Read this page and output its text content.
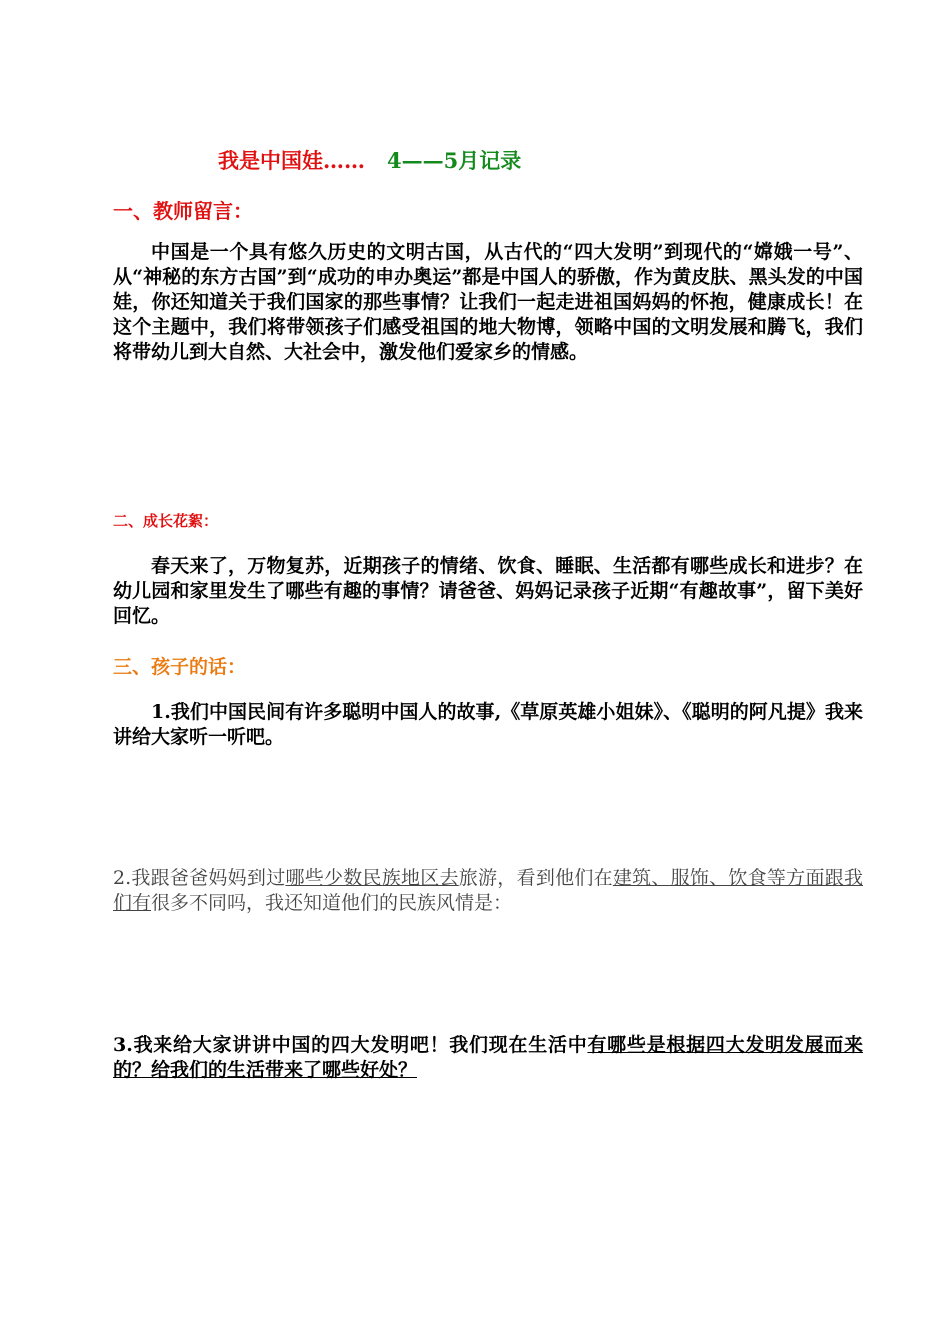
我是中国娃…… 4——5月记录
一、教师留言：
中国是一个具有悠久历史的文明古国，从古代的“四大发明”到现代的“嫦娥一号”、从“神秘的东方古国”到“成功的申办奥运”都是中国人的骄傲，作为黄皮肤、黑头发的中国娃，你还知道关于我们国家的那些事情？让我们一起走进祖国妈妈的怀抱，健康成长！在这个主题中，我们将带领孩子们感受祖国的地大物博，领略中国的文明发展和腾飞，我们将带幼儿到大自然、大社会中，激发他们爱家乡的情感。
二、成长花絮：
春天来了，万物复苏，近期孩子的情绪、饮食、睡眠、生活都有哪些成长和进步？在幼儿园和家里发生了哪些有趣的事情？请爸爸、妈妈记录孩子近期“有趣故事”，留下美好回忆。
三、孩子的话：
1.我们中国民间有许多聪明中国人的故事,《草原英雄小姐妹》、《聪明的阿凡提》我来讲给大家听一听吧。
2.我跟爸爸妈妈到过哪些少数民族地区去旅游，看到他们在建筑、服饰、饮食等方面跟我们有很多不同吗，我还知道他们的民族风情是：
3.我来给大家讲讲中国的四大发明吧！我们现在生活中有哪些是根据四大发明发展而来的？给我们的生活带来了哪些好处？
